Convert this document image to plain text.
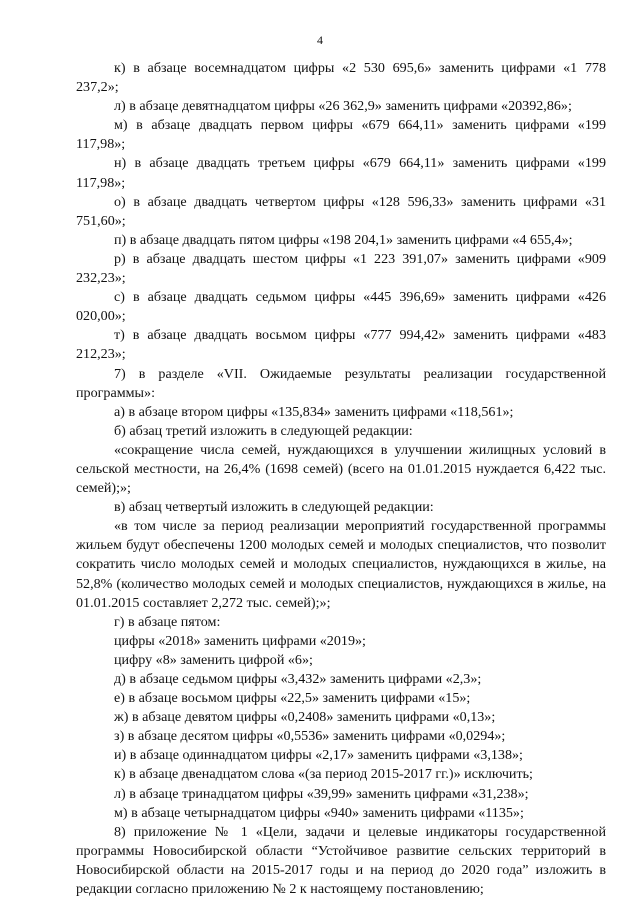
4

к) в абзаце восемнадцатом цифры «2 530 695,6» заменить цифрами «1 778 237,2»;

л) в абзаце девятнадцатом цифры «26 362,9» заменить цифрами «20392,86»;

м) в абзаце двадцать первом цифры «679 664,11» заменить цифрами «199 117,98»;

н) в абзаце двадцать третьем цифры «679 664,11» заменить цифрами «199 117,98»;

о) в абзаце двадцать четвертом цифры «128 596,33» заменить цифрами «31 751,60»;

п) в абзаце двадцать пятом цифры «198 204,1» заменить цифрами «4 655,4»;

р) в абзаце двадцать шестом цифры «1 223 391,07» заменить цифрами «909 232,23»;

с) в абзаце двадцать седьмом цифры «445 396,69» заменить цифрами «426 020,00»;

т) в абзаце двадцать восьмом цифры «777 994,42» заменить цифрами «483 212,23»;

7) в разделе «VII. Ожидаемые результаты реализации государственной программы»:

а) в абзаце втором цифры «135,834» заменить цифрами «118,561»;

б) абзац третий изложить в следующей редакции:

«сокращение числа семей, нуждающихся в улучшении жилищных условий в сельской местности, на 26,4% (1698 семей) (всего на 01.01.2015 нуждается 6,422 тыс. семей);»;

в) абзац четвертый изложить в следующей редакции:

«в том числе за период реализации мероприятий государственной программы жильем будут обеспечены 1200 молодых семей и молодых специалистов, что позволит сократить число молодых семей и молодых специалистов, нуждающихся в жилье, на 52,8% (количество молодых семей и молодых специалистов, нуждающихся в жилье, на 01.01.2015 составляет 2,272 тыс. семей);»;

г) в абзаце пятом:

цифры «2018» заменить цифрами «2019»;

цифру «8» заменить цифрой «6»;

д) в абзаце седьмом цифры «3,432» заменить цифрами «2,3»;

е) в абзаце восьмом цифры «22,5» заменить цифрами «15»;

ж) в абзаце девятом цифры «0,2408» заменить цифрами «0,13»;

з) в абзаце десятом цифры «0,5536» заменить цифрами «0,0294»;

и) в абзаце одиннадцатом цифры «2,17» заменить цифрами «3,138»;

к) в абзаце двенадцатом слова «(за период 2015-2017 гг.)» исключить;

л) в абзаце тринадцатом цифры «39,99» заменить цифрами «31,238»;

м) в абзаце четырнадцатом цифры «940» заменить цифрами «1135»;

8) приложение № 1 «Цели, задачи и целевые индикаторы государственной программы Новосибирской области “Устойчивое развитие сельских территорий в Новосибирской области на 2015-2017 годы и на период до 2020 года” изложить в редакции согласно приложению № 2 к настоящему постановлению;
